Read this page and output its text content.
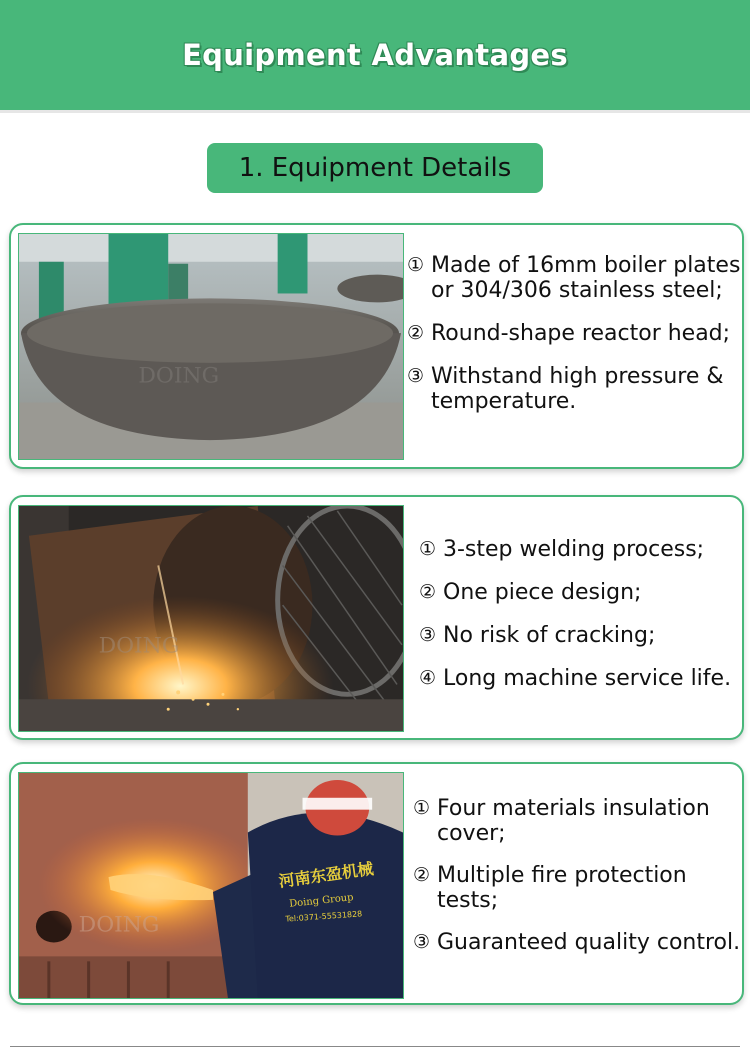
Equipment Advantages
1. Equipment Details
DOING
① Made of 16mm boiler plates
or 304/306 stainless steel;
② Round-shape reactor head;
③ Withstand high pressure &
temperature.
DOING
① 3-step welding process;
② One piece design;
③ No risk of cracking;
④ Long machine service life.
河南东盈机械
Doing Group
Tel:0371-55531828
DOING
① Four materials insulation
cover;
② Multiple fire protection
tests;
③ Guaranteed quality control.
